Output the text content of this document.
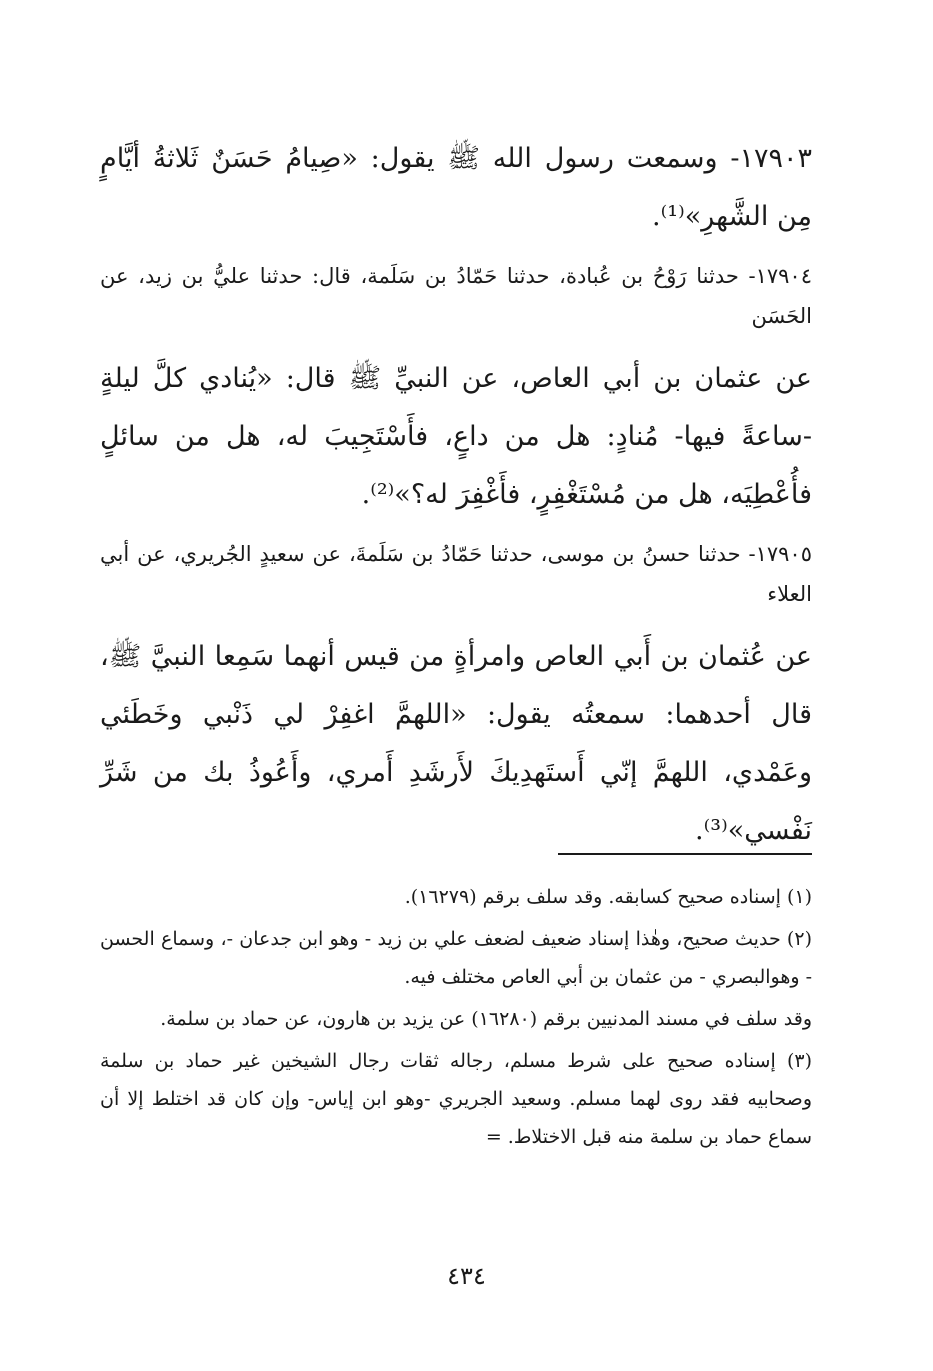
١٧٩٠٣- وسمعت رسول الله ﷺ يقول: «صِيامُ حَسَنٌ ثَلاثةُ أيَّامٍ مِن الشَّهرِ»⁽¹⁾.

١٧٩٠٤- حدثنا رَوْحُ بن عُبادة، حدثنا حَمّادُ بن سَلَمة، قال: حدثنا عليُّ بن زيد، عن الحَسَن

عن عثمان بن أبي العاص، عن النبيِّ ﷺ قال: «يُنادي كلَّ ليلةٍ -ساعةً فيها- مُنادٍ: هل من داعٍ، فأَسْتَجِيبَ له، هل من سائلٍ فأُعْطِيَه، هل من مُسْتَغْفِرٍ، فأَغْفِرَ له؟»⁽²⁾.

١٧٩٠٥- حدثنا حسنُ بن موسى، حدثنا حَمّادُ بن سَلَمةَ، عن سعيدٍ الجُريري، عن أبي العلاء

عن عُثمان بن أَبي العاص وامرأةٍ من قيس أنهما سَمِعا النبيَّ ﷺ، قال أحدهما: سمعتُه يقول: «اللهمَّ اغفِرْ لي ذَنْبي وخَطَئي وعَمْدي، اللهمَّ إنّي أَستَهدِيكَ لأَرشَدِ أَمري، وأَعُوذُ بك من شَرِّ نَفْسي»⁽³⁾.

(١) إسناده صحيح كسابقه. وقد سلف برقم (١٦٢٧٩).

(٢) حديث صحيح، وهٰذا إسناد ضعيف لضعف علي بن زيد - وهو ابن جدعان -، وسماع الحسن - وهوالبصري - من عثمان بن أبي العاص مختلف فيه.

وقد سلف في مسند المدنيين برقم (١٦٢٨٠) عن يزيد بن هارون، عن حماد بن سلمة.

(٣) إسناده صحيح على شرط مسلم، رجاله ثقات رجال الشيخين غير حماد بن سلمة وصحابيه فقد روى لهما مسلم. وسعيد الجريري -وهو ابن إياس- وإن كان قد اختلط إلا أن سماع حماد بن سلمة منه قبل الاختلاط. =

٤٣٤
